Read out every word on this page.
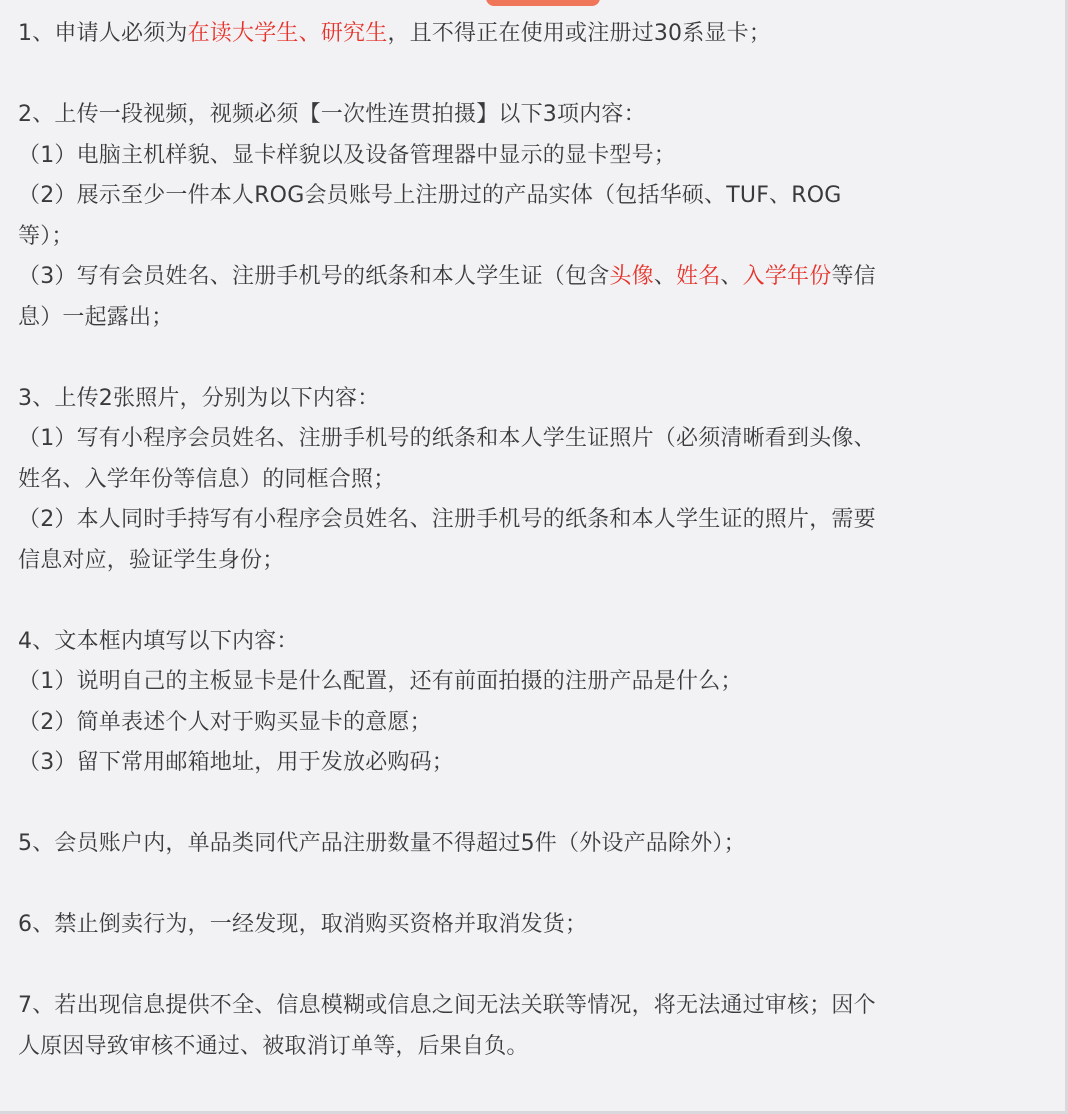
1、申请人必须为在读大学生、研究生，且不得正在使用或注册过30系显卡；
2、上传一段视频，视频必须【一次性连贯拍摄】以下3项内容：
（1）电脑主机样貌、显卡样貌以及设备管理器中显示的显卡型号；
（2）展示至少一件本人ROG会员账号上注册过的产品实体（包括华硕、TUF、ROG
等）；
（3）写有会员姓名、注册手机号的纸条和本人学生证（包含头像、姓名、入学年份等信
息）一起露出；
3、上传2张照片，分别为以下内容：
（1）写有小程序会员姓名、注册手机号的纸条和本人学生证照片（必须清晰看到头像、
姓名、入学年份等信息）的同框合照；
（2）本人同时手持写有小程序会员姓名、注册手机号的纸条和本人学生证的照片，需要
信息对应，验证学生身份；
4、文本框内填写以下内容：
（1）说明自己的主板显卡是什么配置，还有前面拍摄的注册产品是什么；
（2）简单表述个人对于购买显卡的意愿；
（3）留下常用邮箱地址，用于发放必购码；
5、会员账户内，单品类同代产品注册数量不得超过5件（外设产品除外）；
6、禁止倒卖行为，一经发现，取消购买资格并取消发货；
7、若出现信息提供不全、信息模糊或信息之间无法关联等情况，将无法通过审核；因个
人原因导致审核不通过、被取消订单等，后果自负。
